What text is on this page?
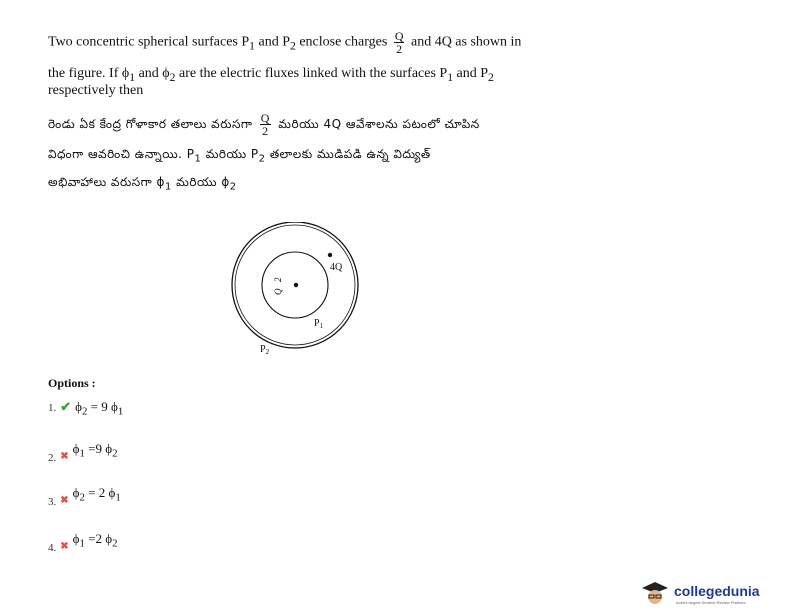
Two concentric spherical surfaces $P_1$ and $P_2$ enclose charges $\frac{Q}{2}$ and 4Q as shown in
the figure. If $\phi_1$ and $\phi_2$ are the electric fluxes linked with the surfaces $P_1$ and $P_2$
respectively then
రెండు ఏక కేంద్ర గోళాకార తలాలు వరుసగా $\frac{Q}{2}$ మరియు 4Q ఆవేశాలను పటంలో చూపిన
విధంగా ఆవరించి ఉన్నాయి. $P_1$ మరియు $P_2$ తలాలకు ముడిపడి ఉన్న విద్యుత్
అభివాహాలు వరుసగా $\phi_1$ మరియు $\phi_2$
Q
2
4Q
$P_1$
$P_2$
Options :
1. ✔ $\phi_2 = 9$ $\phi_1$
$_{2.}$ $_✖$ $\phi_1 =9$ $\phi_2$
$_{3.}$ $_✖$ $\phi_2 = 2$ $\phi_1$
$_{4.}$ $_✖$ $\phi_1 =2$ $\phi_2$
collegedunia
India's largest Student Review Platform
